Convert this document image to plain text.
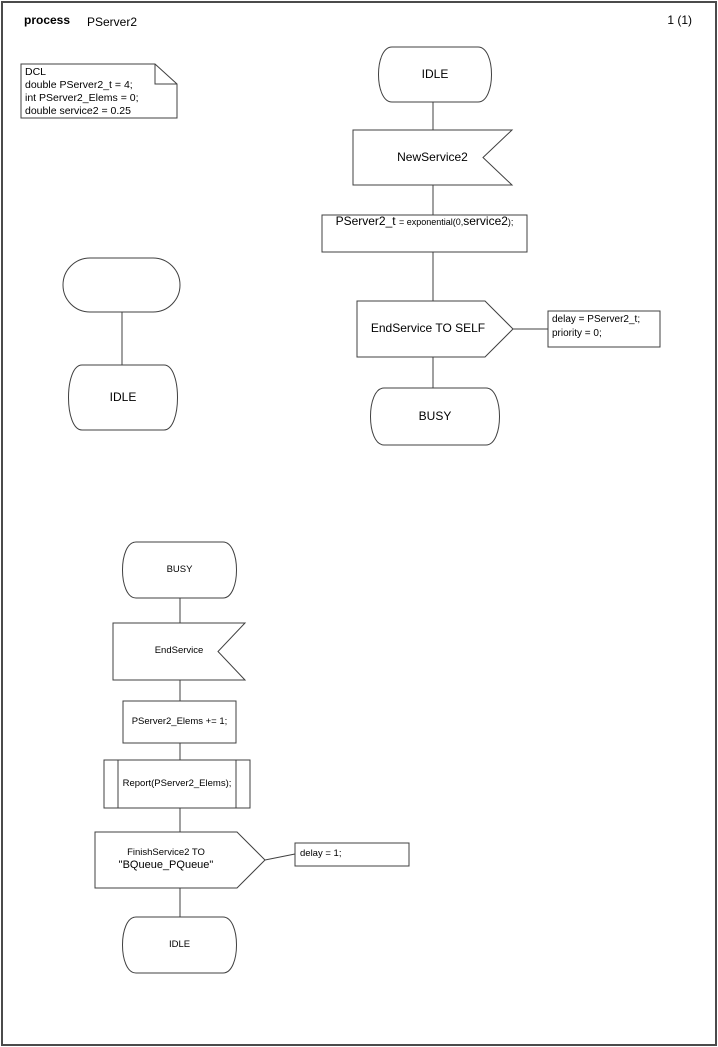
process PServer2	1 (1)
DCL
double PServer2_t = 4;
int PServer2_Elems = 0;
double service2 = 0.25
IDLE
NewService2
PServer2_t = exponential(0, service2 );
EndService TO SELF
delay = PServer2_t;
priority = 0;
BUSY
IDLE
BUSY
EndService
PServer2_Elems += 1;
Report(PServer2_Elems);
FinishService2 TO
"BQueue_PQueue"
delay = 1;
IDLE
